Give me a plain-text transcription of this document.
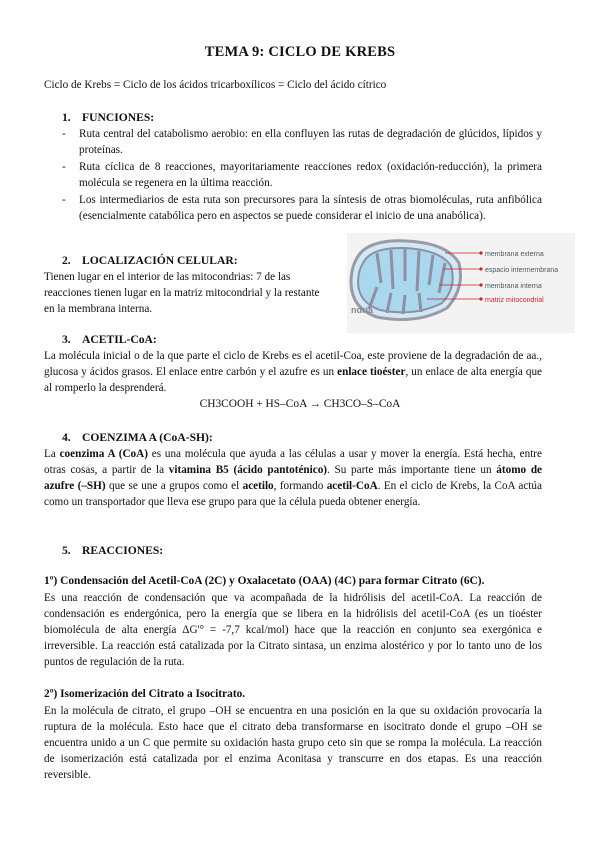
TEMA 9: CICLO DE KREBS
Ciclo de Krebs = Ciclo de los ácidos tricarboxílicos = Ciclo del ácido cítrico
1. FUNCIONES:
- Ruta central del catabolismo aerobio: en ella confluyen las rutas de degradación de glúcidos, lípidos y proteínas.
- Ruta cíclica de 8 reacciones, mayoritariamente reacciones redox (oxidación-reducción), la primera molécula se regenera en la última reacción.
- Los intermediarios de esta ruta son precursores para la síntesis de otras biomoléculas, ruta anfibólica (esencialmente catabólica pero en aspectos se puede considerar el inicio de una anabólica).
2. LOCALIZACIÓN CELULAR:
Tienen lugar en el interior de las mitocondrias: 7 de las
reacciones tienen lugar en la matriz mitocondrial y la restante
en la membrana interna.
membrana externa
espacio intermembrana
membrana interna
matriz mitocondrial
ndria
3. ACETIL-CoA:
La molécula inicial o de la que parte el ciclo de Krebs es el acetil-Coa, este proviene de la degradación de aa., glucosa y ácidos grasos. El enlace entre carbón y el azufre es un enlace tioéster, un enlace de alta energía que al romperlo la desprenderá.
CH3COOH + HS–CoA → CH3CO–S–CoA
4. COENZIMA A (CoA-SH):
La coenzima A (CoA) es una molécula que ayuda a las células a usar y mover la energía. Está hecha, entre otras cosas, a partir de la vitamina B5 (ácido pantoténico). Su parte más importante tiene un átomo de azufre (–SH) que se une a grupos como el acetilo, formando acetil-CoA. En el ciclo de Krebs, la CoA actúa como un transportador que lleva ese grupo para que la célula pueda obtener energía.
5. REACCIONES:
1º) Condensación del Acetil-CoA (2C) y Oxalacetato (OAA) (4C) para formar Citrato (6C).
Es una reacción de condensación que va acompañada de la hidrólisis del acetil-CoA. La reacción de condensación es endergónica, pero la energía que se libera en la hidrólisis del acetil-CoA (es un tioéster biomolécula de alta energía ΔG'° = -7,7 kcal/mol) hace que la reacción en conjunto sea exergónica e irreversible. La reacción está catalizada por la Citrato sintasa, un enzima alostérico y por lo tanto uno de los puntos de regulación de la ruta.
2º) Isomerización del Citrato a Isocitrato.
En la molécula de citrato, el grupo –OH se encuentra en una posición en la que su oxidación provocaría la ruptura de la molécula. Esto hace que el citrato deba transformarse en isocitrato donde el grupo –OH se encuentra unido a un C que permite su oxidación hasta grupo ceto sin que se rompa la molécula. La reacción de isomerización está catalizada por el enzima Aconitasa y transcurre en dos etapas. Es una reacción reversible.
